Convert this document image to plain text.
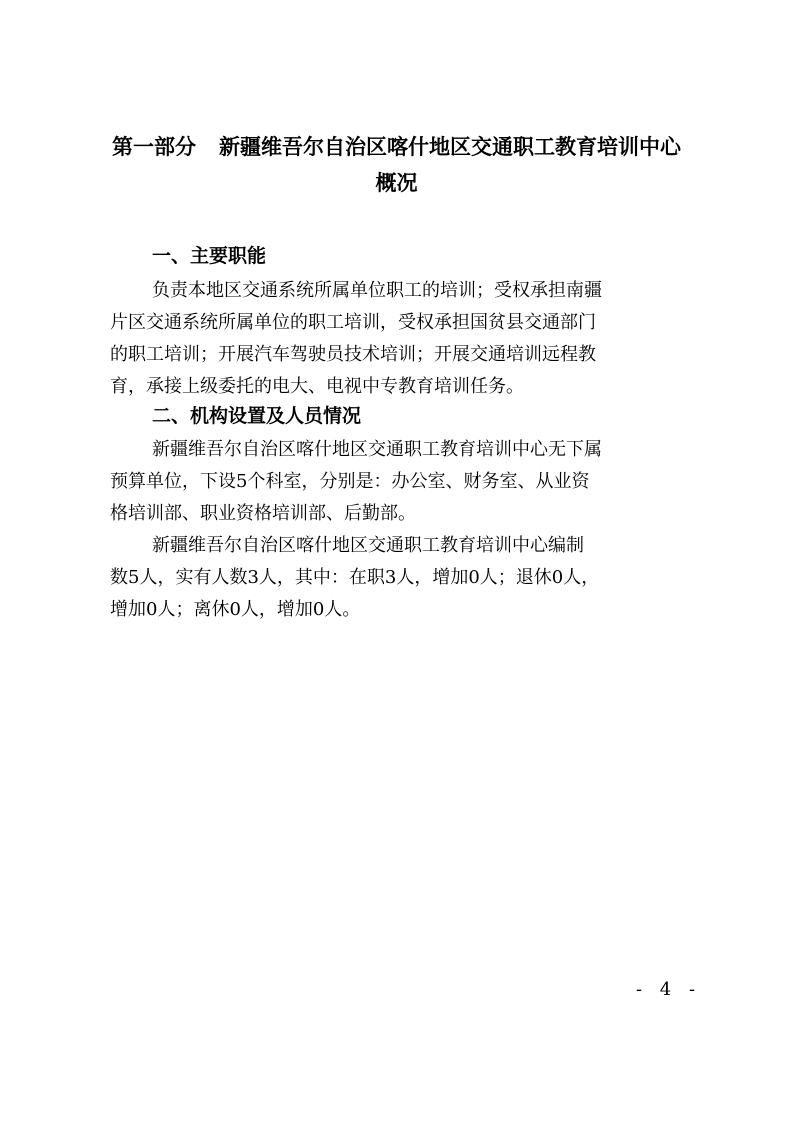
第一部分 新疆维吾尔自治区喀什地区交通职工教育培训中心
概况
一、主要职能

负责本地区交通系统所属单位职工的培训；受权承担南疆
片区交通系统所属单位的职工培训，受权承担国贫县交通部门
的职工培训；开展汽车驾驶员技术培训；开展交通培训远程教
育，承接上级委托的电大、电视中专教育培训任务。

二、机构设置及人员情况

新疆维吾尔自治区喀什地区交通职工教育培训中心无下属
预算单位，下设5个科室，分别是：办公室、财务室、从业资
格培训部、职业资格培训部、后勤部。

新疆维吾尔自治区喀什地区交通职工教育培训中心编制
数5人，实有人数3人，其中：在职3人，增加0人；退休0人，
增加0人；离休0人，增加0人。

- 4 -
